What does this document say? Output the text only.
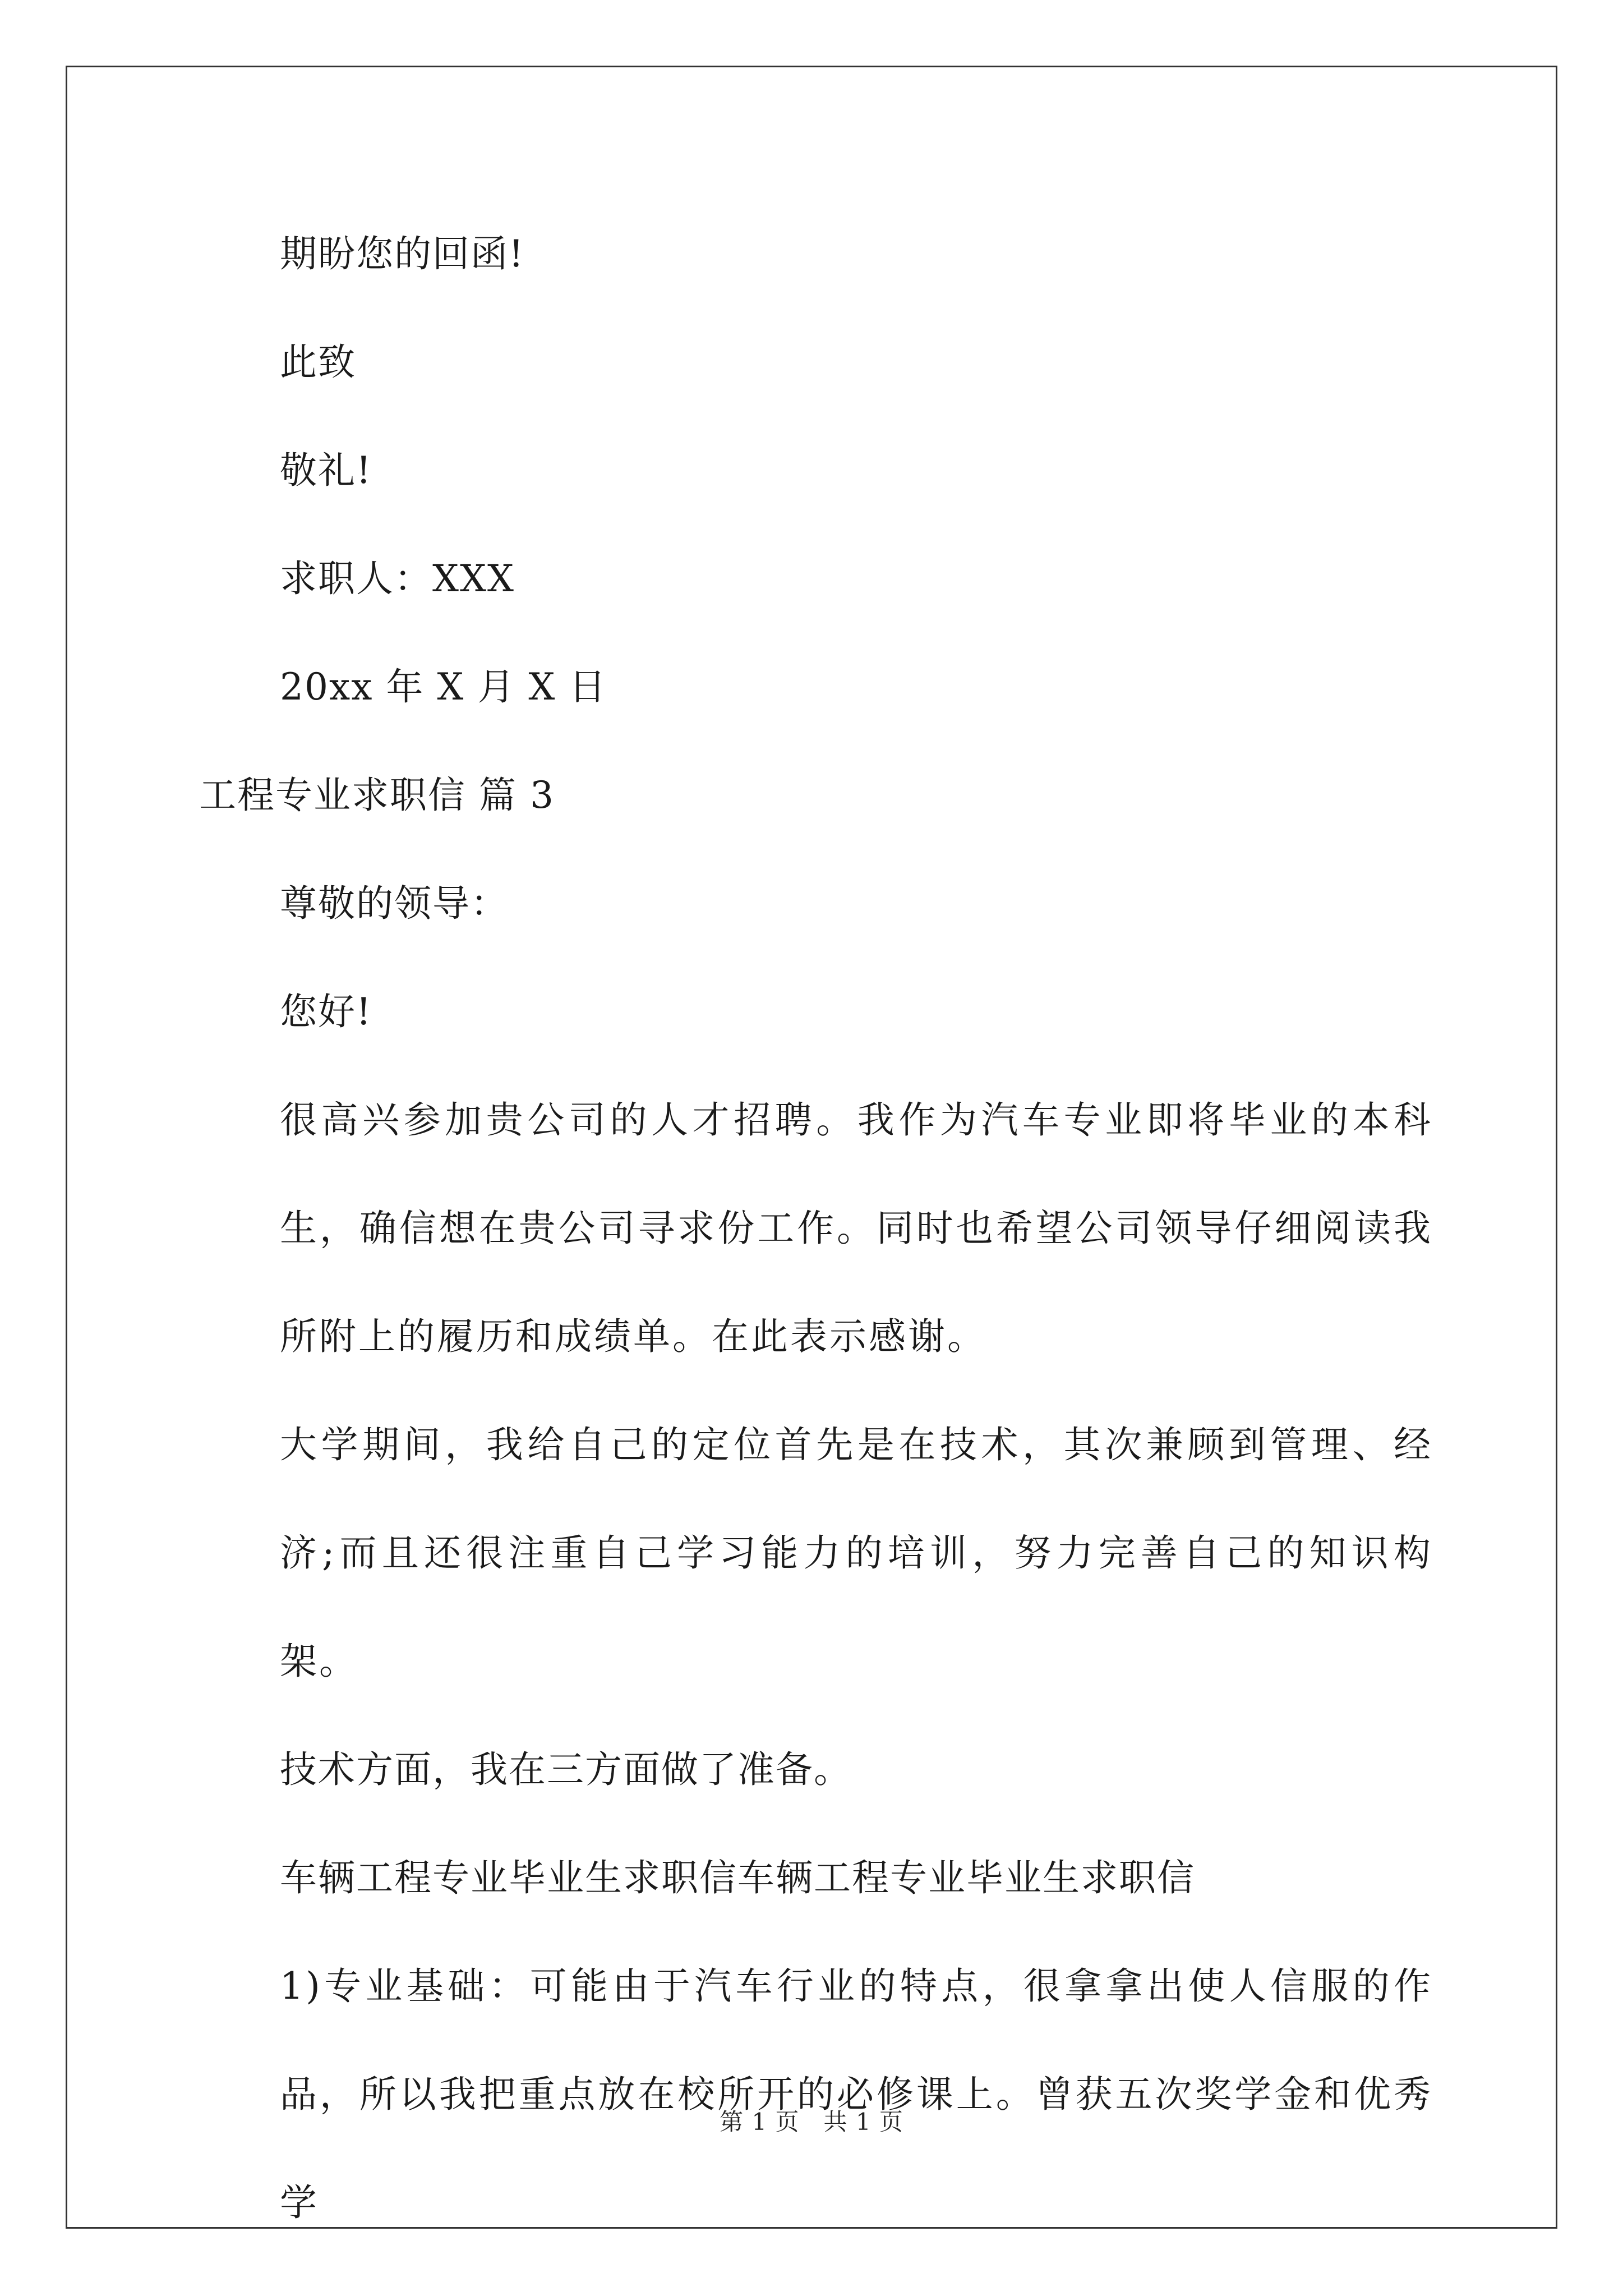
期盼您的回函!

此致

敬礼!

求职人：XXX

20xx 年 X 月 X 日

工程专业求职信 篇 3

尊敬的领导：

您好!

很高兴参加贵公司的人才招聘。我作为汽车专业即将毕业的本科生，确信想在贵公司寻求份工作。同时也希望公司领导仔细阅读我所附上的履历和成绩单。在此表示感谢。

大学期间，我给自己的定位首先是在技术，其次兼顾到管理、经济;而且还很注重自己学习能力的培训，努力完善自己的知识构架。

技术方面，我在三方面做了准备。

车辆工程专业毕业生求职信车辆工程专业毕业生求职信

1)专业基础：可能由于汽车行业的特点，很拿拿出使人信服的作品，所以我把重点放在校所开的必修课上。曾获五次奖学金和优秀学

第 1 页　共 1 页
